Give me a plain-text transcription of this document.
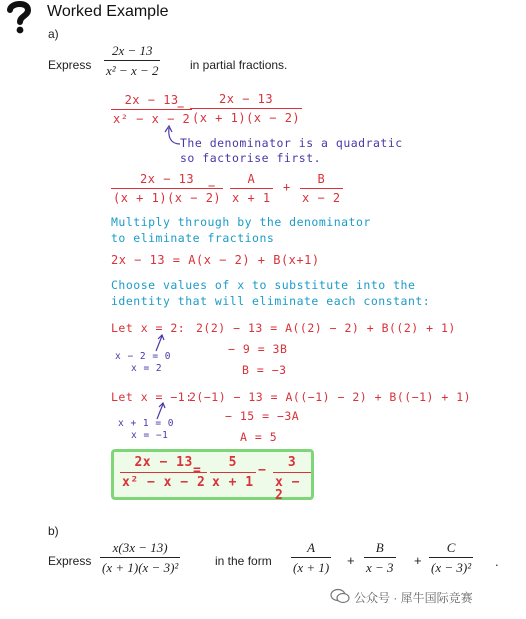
Worked Example
a)
Express
2x − 13
x² − x − 2	in partial fractions.
2x − 13
x² − x − 2
=
2x − 13
(x + 1)(x − 2)
The denominator is a quadratic
so factorise first.
2x − 13
(x + 1)(x − 2)
=
A
x + 1
+
B
x − 2
Multiply through by the denominator
to eliminate fractions
2x − 13 = A(x − 2) + B(x+1)
Choose values of x to substitute into the
identity that will eliminate each constant:
Let x = 2: 2(2) − 13 = A((2) − 2) + B((2) + 1)
x − 2 = 0
x = 2
− 9 = 3B
B = −3
Let x = −1:
2(−1) − 13 = A((−1) − 2) + B((−1) + 1)
x + 1 = 0
x = −1
− 15 = −3A
A = 5
2x − 13
x² − x − 2
=
5
x + 1
−
3
x − 2
b)
Express
x(3x − 13)
(x + 1)(x − 3)²	in the form
A
(x + 1) +
B
x − 3 +
C
(x − 3)² .
公众号 · 犀牛国际竞赛
